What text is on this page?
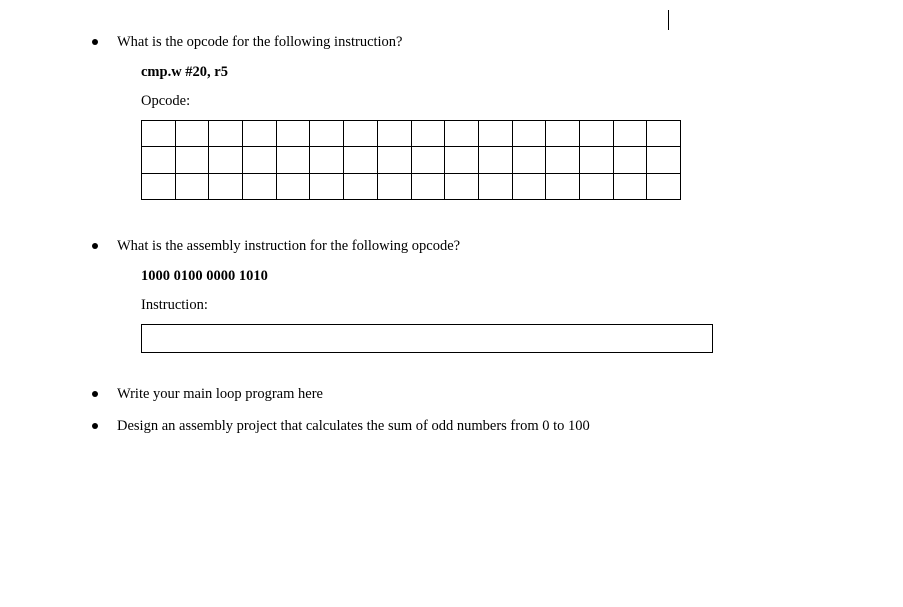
What is the opcode for the following instruction?
cmp.w #20, r5
Opcode:

What is the assembly instruction for the following opcode?
1000 0100 0000 1010
Instruction:
Write your main loop program here
Design an assembly project that calculates the sum of odd numbers from 0 to 100
